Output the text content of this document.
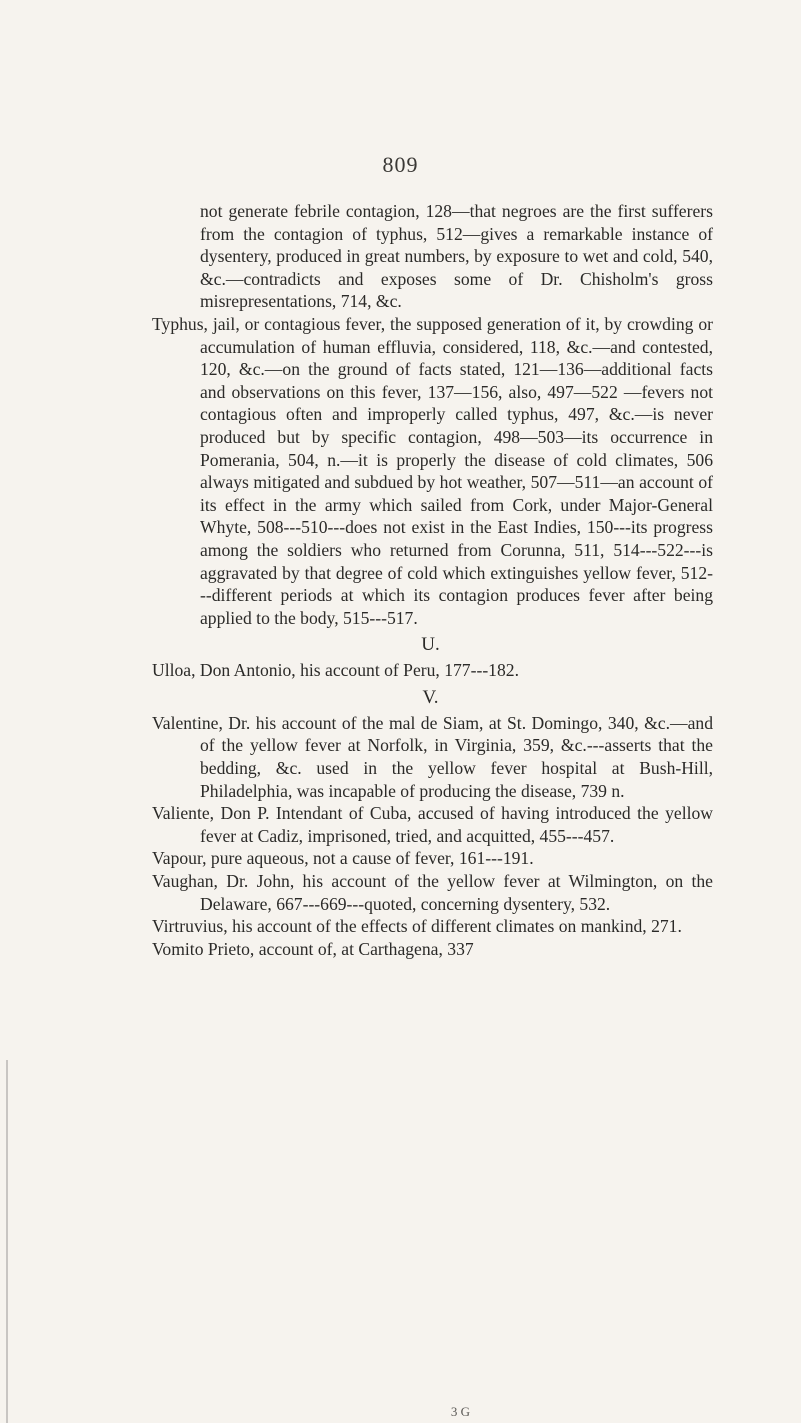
809

not generate febrile contagion, 128—that negroes are the first sufferers from the contagion of typhus, 512—gives a remarkable instance of dysentery, produced in great numbers, by exposure to wet and cold, 540, &c.—contradicts and exposes some of Dr. Chisholm's gross misrepresentations, 714, &c.

Typhus, jail, or contagious fever, the supposed generation of it, by crowding or accumulation of human effluvia, considered, 118, &c.—and contested, 120, &c.—on the ground of facts stated, 121—136—additional facts and observations on this fever, 137—156, also, 497—522 —fevers not contagious often and improperly called typhus, 497, &c.—is never produced but by specific contagion, 498—503—its occurrence in Pomerania, 504, n.—it is properly the disease of cold climates, 506 always mitigated and subdued by hot weather, 507—511—an account of its effect in the army which sailed from Cork, under Major-General Whyte, 508---510---does not exist in the East Indies, 150---its progress among the soldiers who returned from Corunna, 511, 514---522---is aggravated by that degree of cold which extinguishes yellow fever, 512---different periods at which its contagion produces fever after being applied to the body, 515---517.

U.

Ulloa, Don Antonio, his account of Peru, 177---182.

V.

Valentine, Dr. his account of the mal de Siam, at St. Domingo, 340, &c.—and of the yellow fever at Norfolk, in Virginia, 359, &c.---asserts that the bedding, &c. used in the yellow fever hospital at Bush-Hill, Philadelphia, was incapable of producing the disease, 739 n.

Valiente, Don P. Intendant of Cuba, accused of having introduced the yellow fever at Cadiz, imprisoned, tried, and acquitted, 455---457.

Vapour, pure aqueous, not a cause of fever, 161---191.

Vaughan, Dr. John, his account of the yellow fever at Wilmington, on the Delaware, 667---669---quoted, concerning dysentery, 532.

Virtruvius, his account of the effects of different climates on mankind, 271.

Vomito Prieto, account of, at Carthagena, 337

3 G
